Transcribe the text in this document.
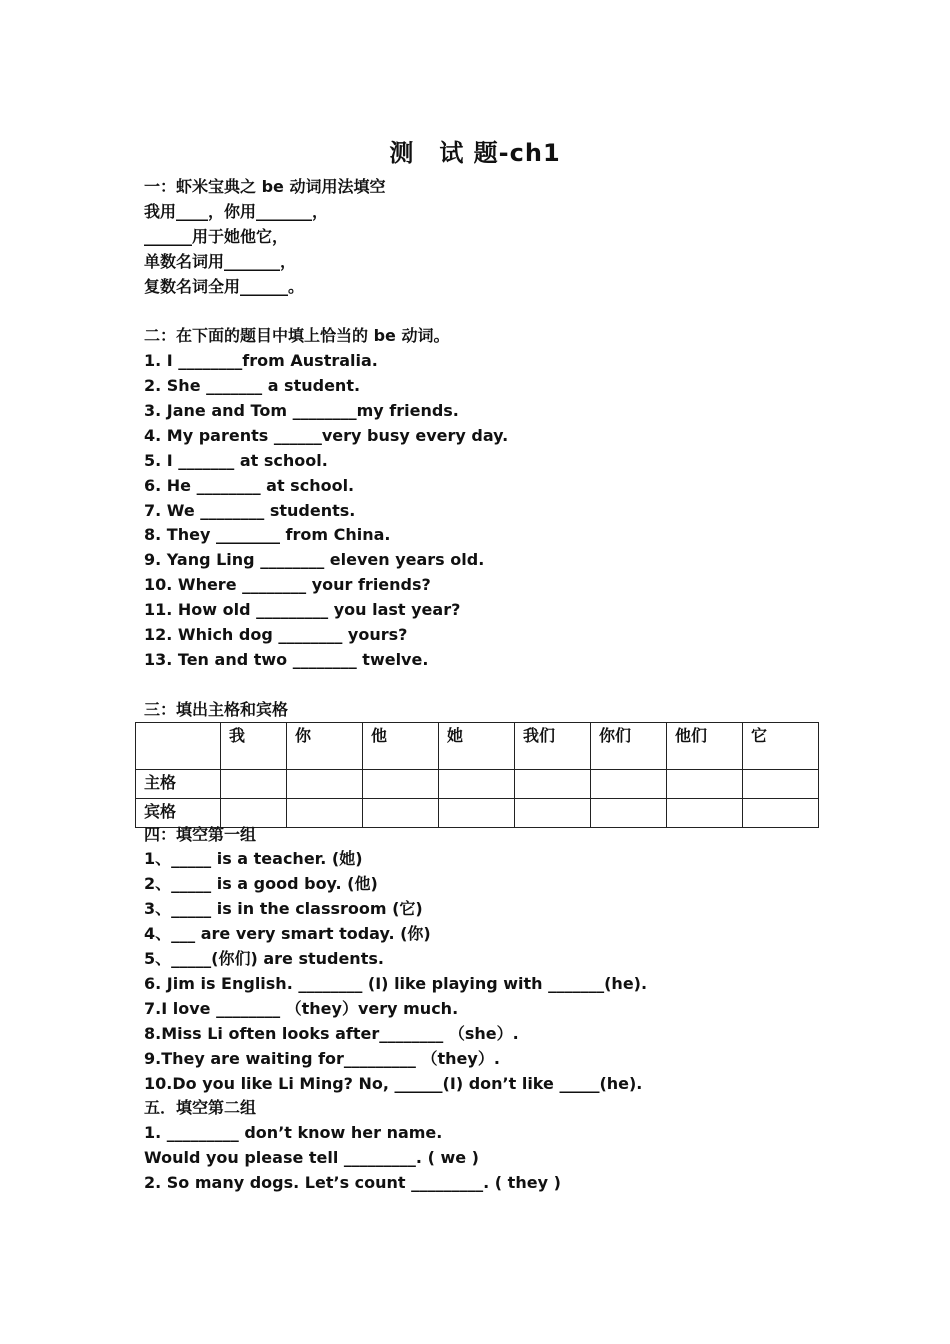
测　试 题-ch1
一：虾米宝典之 be 动词用法填空
我用____，你用_______，
______用于她他它，
单数名词用_______，
复数名词全用______。
二：在下面的题目中填上恰当的 be 动词。
1. I ________from Australia.
2. She _______ a student.
3. Jane and Tom ________my friends.
4. My parents ______very busy every day.
5. I _______ at school.
6. He ________ at school.
7. We ________ students.
8. They ________ from China.
9. Yang Ling ________ eleven years old.
10. Where ________ your friends?
11. How old _________ you last year?
12. Which dog ________ yours?
13. Ten and two ________ twelve.
三：填出主格和宾格
	我	你	他	她	我们	你们	他们	它
主格								
宾格								
四：填空第一组
1、_____ is a teacher. (她)
2、_____ is a good boy. (他)
3、_____ is in the classroom (它)
4、___ are very smart today. (你)
5、_____(你们) are students.
6. Jim is English. ________ (I) like playing with _______(he).
7.I love ________ （they）very much.
8.Miss Li often looks after________ （she）.
9.They are waiting for_________ （they）.
10.Do you like Li Ming? No, ______(I) don’t like _____(he).
五．填空第二组
1. _________ don’t know her name.
Would you please tell _________. ( we )
2. So many dogs. Let’s count _________. ( they )
